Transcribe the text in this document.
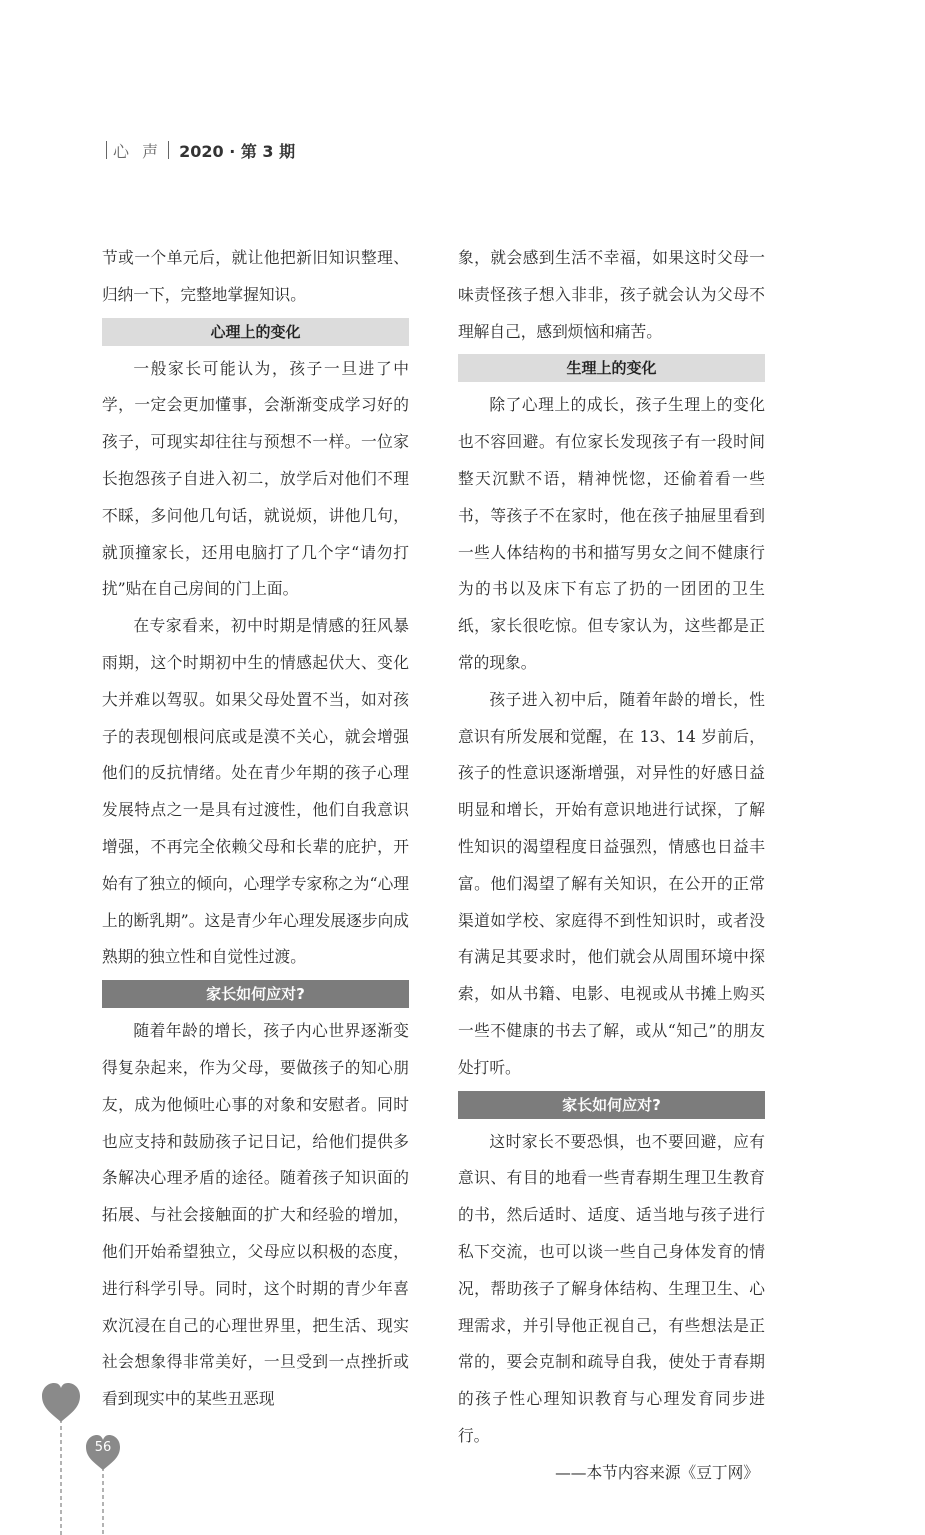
心 声 2020 · 第 3 期

节或一个单元后，就让他把新旧知识整理、归纳一下，完整地掌握知识。

心理上的变化

一般家长可能认为，孩子一旦进了中学，一定会更加懂事，会渐渐变成学习好的孩子，可现实却往往与预想不一样。一位家长抱怨孩子自进入初二，放学后对他们不理不睬，多问他几句话，就说烦，讲他几句，就顶撞家长，还用电脑打了几个字“请勿打扰”贴在自己房间的门上面。

在专家看来，初中时期是情感的狂风暴雨期，这个时期初中生的情感起伏大、变化大并难以驾驭。如果父母处置不当，如对孩子的表现刨根问底或是漠不关心，就会增强他们的反抗情绪。处在青少年期的孩子心理发展特点之一是具有过渡性，他们自我意识增强，不再完全依赖父母和长辈的庇护，开始有了独立的倾向，心理学专家称之为“心理上的断乳期”。这是青少年心理发展逐步向成熟期的独立性和自觉性过渡。

家长如何应对?

随着年龄的增长，孩子内心世界逐渐变得复杂起来，作为父母，要做孩子的知心朋友，成为他倾吐心事的对象和安慰者。同时也应支持和鼓励孩子记日记，给他们提供多条解决心理矛盾的途径。随着孩子知识面的拓展、与社会接触面的扩大和经验的增加，他们开始希望独立，父母应以积极的态度，进行科学引导。同时，这个时期的青少年喜欢沉浸在自己的心理世界里，把生活、现实社会想象得非常美好，一旦受到一点挫折或看到现实中的某些丑恶现

象，就会感到生活不幸福，如果这时父母一味责怪孩子想入非非，孩子就会认为父母不理解自己，感到烦恼和痛苦。

生理上的变化

除了心理上的成长，孩子生理上的变化也不容回避。有位家长发现孩子有一段时间整天沉默不语，精神恍惚，还偷着看一些书，等孩子不在家时，他在孩子抽屉里看到一些人体结构的书和描写男女之间不健康行为的书以及床下有忘了扔的一团团的卫生纸，家长很吃惊。但专家认为，这些都是正常的现象。

孩子进入初中后，随着年龄的增长，性意识有所发展和觉醒，在 13、14 岁前后，孩子的性意识逐渐增强，对异性的好感日益明显和增长，开始有意识地进行试探，了解性知识的渴望程度日益强烈，情感也日益丰富。他们渴望了解有关知识，在公开的正常渠道如学校、家庭得不到性知识时，或者没有满足其要求时，他们就会从周围环境中探索，如从书籍、电影、电视或从书摊上购买一些不健康的书去了解，或从“知己”的朋友处打听。

家长如何应对?

这时家长不要恐惧，也不要回避，应有意识、有目的地看一些青春期生理卫生教育的书，然后适时、适度、适当地与孩子进行私下交流，也可以谈一些自己身体发育的情况，帮助孩子了解身体结构、生理卫生、心理需求，并引导他正视自己，有些想法是正常的，要会克制和疏导自我，使处于青春期的孩子性心理知识教育与心理发育同步进行。

——本节内容来源《豆丁网》

56
